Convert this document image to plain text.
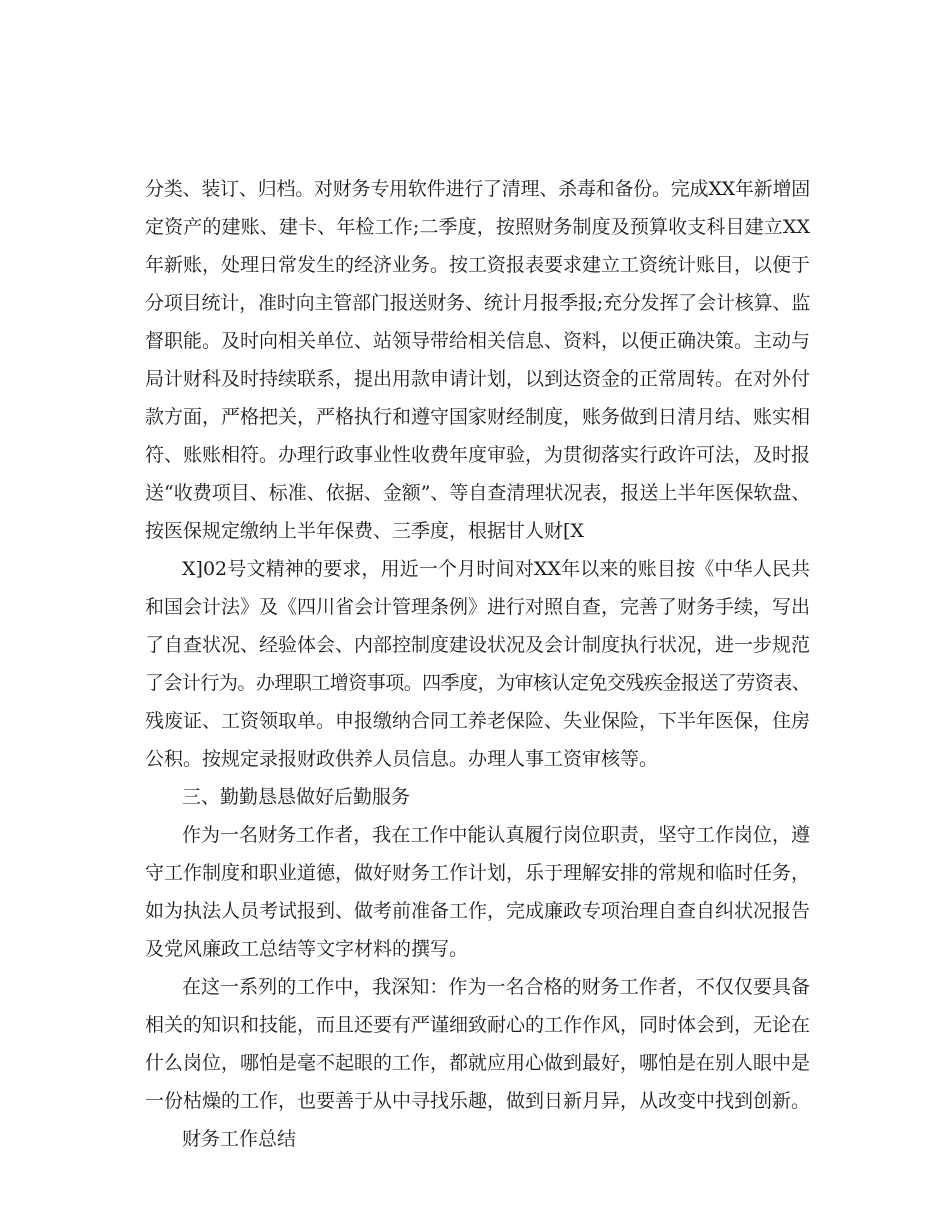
分类、装订、归档。对财务专用软件进行了清理、杀毒和备份。完成XX年新增固
定资产的建账、建卡、年检工作;二季度，按照财务制度及预算收支科目建立XX
年新账，处理日常发生的经济业务。按工资报表要求建立工资统计账目，以便于
分项目统计，准时向主管部门报送财务、统计月报季报;充分发挥了会计核算、监
督职能。及时向相关单位、站领导带给相关信息、资料，以便正确决策。主动与
局计财科及时持续联系，提出用款申请计划，以到达资金的正常周转。在对外付
款方面，严格把关，严格执行和遵守国家财经制度，账务做到日清月结、账实相
符、账账相符。办理行政事业性收费年度审验，为贯彻落实行政许可法，及时报
送“收费项目、标准、依据、金额”、等自查清理状况表，报送上半年医保软盘、
按医保规定缴纳上半年保费、三季度，根据甘人财[X
X]02号文精神的要求，用近一个月时间对XX年以来的账目按《中华人民共
和国会计法》及《四川省会计管理条例》进行对照自查，完善了财务手续，写出
了自查状况、经验体会、内部控制度建设状况及会计制度执行状况，进一步规范
了会计行为。办理职工增资事项。四季度，为审核认定免交残疾金报送了劳资表、
残废证、工资领取单。申报缴纳合同工养老保险、失业保险，下半年医保，住房
公积。按规定录报财政供养人员信息。办理人事工资审核等。
三、勤勤恳恳做好后勤服务
作为一名财务工作者，我在工作中能认真履行岗位职责，坚守工作岗位，遵
守工作制度和职业道德，做好财务工作计划，乐于理解安排的常规和临时任务，
如为执法人员考试报到、做考前准备工作，完成廉政专项治理自查自纠状况报告
及党风廉政工总结等文字材料的撰写。
在这一系列的工作中，我深知：作为一名合格的财务工作者，不仅仅要具备
相关的知识和技能，而且还要有严谨细致耐心的工作作风，同时体会到，无论在
什么岗位，哪怕是毫不起眼的工作，都就应用心做到最好，哪怕是在别人眼中是
一份枯燥的工作，也要善于从中寻找乐趣，做到日新月异，从改变中找到创新。
财务工作总结
